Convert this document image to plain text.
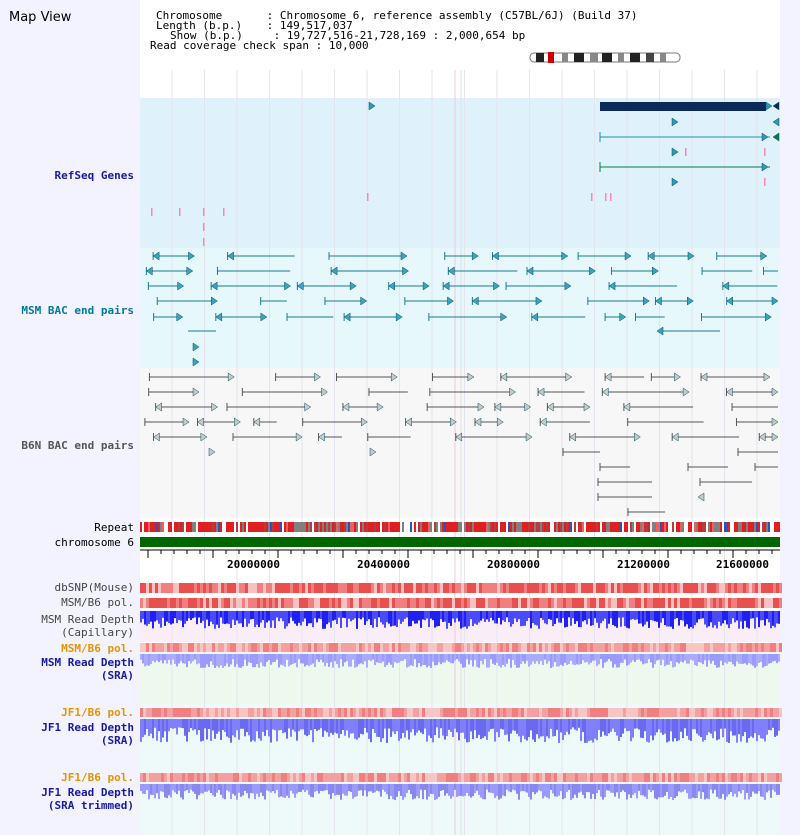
Map View	Chromosome	: Chromosome 6, reference assembly (C57BL/6J) (Build 37)
Length (b.p.) : 149,517,037
Show (b.p.) : 19,727,516-21,728,169 : 2,000,654 bp
Read coverage check span : 10,000
RefSeq Genes
MSM BAC end pairs
B6N BAC end pairs
Repeat
chromosome 6
dbSNP(Mouse)
MSM/B6 pol.
MSM Read Depth
(Capillary)
MSM/B6 pol.
MSM Read Depth
(SRA)
JF1/B6 pol.
JF1 Read Depth
(SRA)
JF1/B6 pol.
JF1 Read Depth
(SRA trimmed)
20000000	20400000	20800000	21200000	21600000
